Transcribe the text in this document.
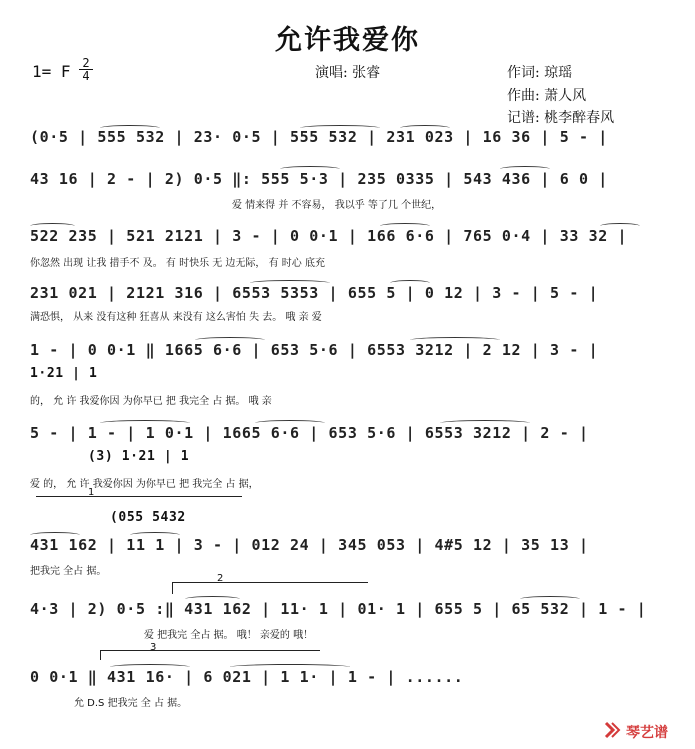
允许我爱你
1= F 2
4	演唱: 张睿	作词: 琼瑶
作曲: 萧人风
记谱: 桃李醉春风
(0·5 | 555 532 | 23· 0·5 | 555 532 | 231 023 | 16 36 | 5 - |
43 16 | 2 - | 2) 0·5 ‖: 555 5·3 | 235 0335 | 543 436 | 6 0 |
爱 情来得 并 不容易， 我以乎 等了几 个世纪，
522 235 | 521 2121 | 3 - | 0 0·1 | 166 6·6 | 765 0·4 | 33 32 |
你忽然 出现 让我 措手不 及。 有 时快乐 无 边无际， 有 时心 底充
231 021 | 2121 316 | 6553 5353 | 655 5 | 0 12 | 3 - | 5 - |
满恐惧， 从来 没有这种 狂喜从 来没有 这么害怕 失 去。 哦 亲 爱
1 - | 0 0·1 ‖ 1665 6·6 | 653 5·6 | 6553 3212 | 2 12 | 3 - |
1·21 | 1
的， 允 许 我爱你因 为你早已 把 我完全 占 据。 哦 亲
5 - | 1 - | 1 0·1 | 1665 6·6 | 653 5·6 | 6553 3212 | 2 - |
(3) 1·21 | 1
爱 的， 允 许 我爱你因 为你早已 把 我完全 占 据，
1
(055 5432
431 162 | 11 1 | 3 - | 012 24 | 345 053 | 4#5 12 | 35 13 |
把我完 全占 据。
2
4·3 | 2) 0·5 :‖ 431 162 | 11· 1 | 01· 1 | 655 5 | 65 532 | 1 - |
爱 把我完 全占 据。 哦！ 亲爱的 哦！
3
0 0·1 ‖ 431 16· | 6 021 | 1 1· | 1 - | ......
允 D.S 把我完 全 占 据。
琴艺谱
